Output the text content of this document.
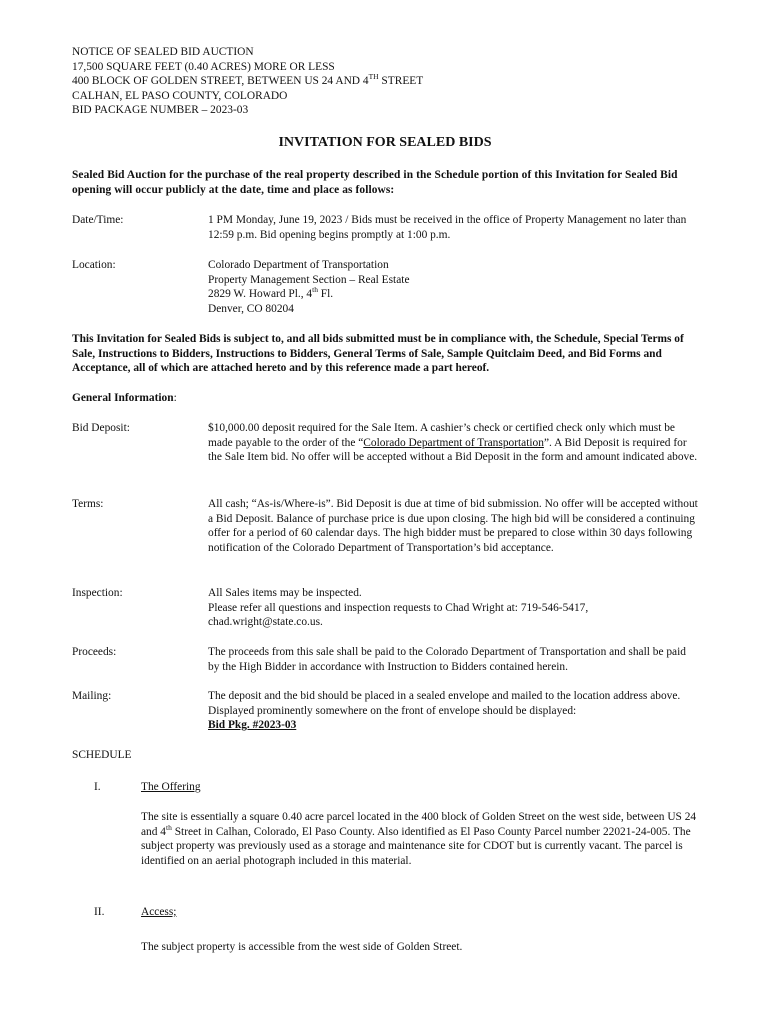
NOTICE OF SEALED BID AUCTION
17,500 SQUARE FEET (0.40 ACRES) MORE OR LESS
400 BLOCK OF GOLDEN STREET, BETWEEN US 24 AND 4TH STREET
CALHAN, EL PASO COUNTY, COLORADO
BID PACKAGE NUMBER – 2023-03
INVITATION FOR SEALED BIDS
Sealed Bid Auction for the purchase of the real property described in the Schedule portion of this Invitation for Sealed Bid opening will occur publicly at the date, time and place as follows:
Date/Time:	1 PM Monday, June 19, 2023 / Bids must be received in the office of Property Management no later than 12:59 p.m. Bid opening begins promptly at 1:00 p.m.
Location:	Colorado Department of Transportation
Property Management Section – Real Estate
2829 W. Howard Pl., 4th Fl.
Denver, CO 80204
This Invitation for Sealed Bids is subject to, and all bids submitted must be in compliance with, the Schedule, Special Terms of Sale, Instructions to Bidders, Instructions to Bidders, General Terms of Sale, Sample Quitclaim Deed, and Bid Forms and Acceptance, all of which are attached hereto and by this reference made a part hereof.
General Information:
Bid Deposit:	$10,000.00 deposit required for the Sale Item. A cashier’s check or certified check only which must be made payable to the order of the “Colorado Department of Transportation”. A Bid Deposit is required for the Sale Item bid. No offer will be accepted without a Bid Deposit in the form and amount indicated above.
Terms:	All cash; “As-is/Where-is”. Bid Deposit is due at time of bid submission. No offer will be accepted without a Bid Deposit. Balance of purchase price is due upon closing. The high bid will be considered a continuing offer for a period of 60 calendar days. The high bidder must be prepared to close within 30 days following notification of the Colorado Department of Transportation’s bid acceptance.
Inspection:	All Sales items may be inspected.
Please refer all questions and inspection requests to Chad Wright at: 719-546-5417,
chad.wright@state.co.us.
Proceeds:	The proceeds from this sale shall be paid to the Colorado Department of Transportation and shall be paid by the High Bidder in accordance with Instruction to Bidders contained herein.
Mailing:	The deposit and the bid should be placed in a sealed envelope and mailed to the location address above. Displayed prominently somewhere on the front of envelope should be displayed:
Bid Pkg. #2023-03
SCHEDULE
I.	The Offering
The site is essentially a square 0.40 acre parcel located in the 400 block of Golden Street on the west side, between US 24 and 4th Street in Calhan, Colorado, El Paso County. Also identified as El Paso County Parcel number 22021-24-005. The subject property was previously used as a storage and maintenance site for CDOT but is currently vacant. The parcel is identified on an aerial photograph included in this material.
II.	Access;
The subject property is accessible from the west side of Golden Street.
